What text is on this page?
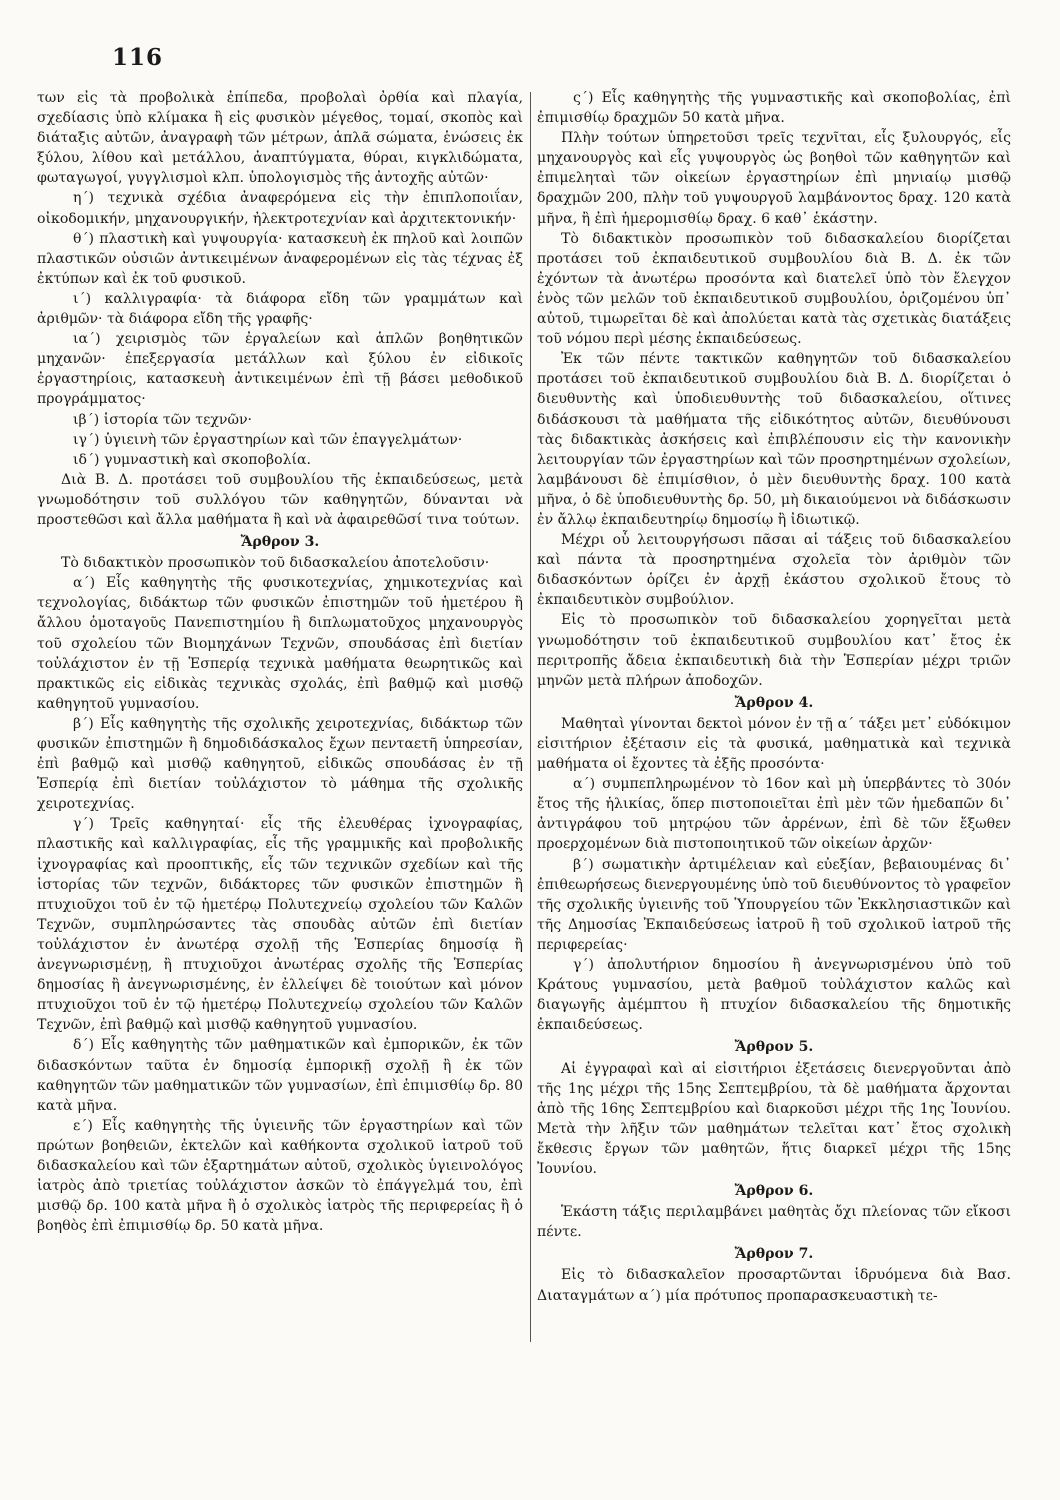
116

των εἰς τὰ προβολικὰ ἐπίπεδα, προβολαὶ ὀρθία καὶ πλαγία, σχεδίασις ὑπὸ κλίμακα ἢ εἰς φυσικὸν μέγεθος, τομαί, σκοπὸς καὶ διάταξις αὐτῶν, ἀναγραφὴ τῶν μέτρων, ἁπλᾶ σώματα, ἑνώσεις ἐκ ξύλου, λίθου καὶ μετάλλου, ἀναπτύγματα, θύραι, κιγκλιδώματα, φωταγωγοί, γυγγλισμοὶ κλπ. ὑπολογισμὸς τῆς ἀντοχῆς αὐτῶν·

η΄) τεχνικὰ σχέδια ἀναφερόμενα εἰς τὴν ἐπιπλοποιΐαν, οἰκοδομικήν, μηχανουργικήν, ἠλεκτροτεχνίαν καὶ ἀρχιτεκτονικήν·

θ΄) πλαστικὴ καὶ γυψουργία· κατασκευὴ ἐκ πηλοῦ καὶ λοιπῶν πλαστικῶν οὐσιῶν ἀντικειμένων ἀναφερομένων εἰς τὰς τέχνας ἐξ ἐκτύπων καὶ ἐκ τοῦ φυσικοῦ.

ι΄) καλλιγραφία· τὰ διάφορα εἴδη τῶν γραμμάτων καὶ ἀριθμῶν· τὰ διάφορα εἴδη τῆς γραφῆς·

ια΄) χειρισμὸς τῶν ἐργαλείων καὶ ἁπλῶν βοηθητικῶν μηχανῶν· ἐπεξεργασία μετάλλων καὶ ξύλου ἐν εἰδικοῖς ἐργαστηρίοις, κατασκευὴ ἀντικειμένων ἐπὶ τῇ βάσει μεθοδικοῦ προγράμματος·

ιβ΄) ἱστορία τῶν τεχνῶν·

ιγ΄) ὑγιεινὴ τῶν ἐργαστηρίων καὶ τῶν ἐπαγγελμάτων·

ιδ΄) γυμναστικὴ καὶ σκοποβολία.

Διὰ Β. Δ. προτάσει τοῦ συμβουλίου τῆς ἐκπαιδεύσεως, μετὰ γνωμοδότησιν τοῦ συλλόγου τῶν καθηγητῶν, δύνανται νὰ προστεθῶσι καὶ ἄλλα μαθήματα ἢ καὶ νὰ ἀφαιρεθῶσί τινα τούτων.

Ἄρθρον 3.

Τὸ διδακτικὸν προσωπικὸν τοῦ διδασκαλείου ἀποτελοῦσιν·

α΄) Εἷς καθηγητὴς τῆς φυσικοτεχνίας, χημικοτεχνίας καὶ τεχνολογίας, διδάκτωρ τῶν φυσικῶν ἐπιστημῶν τοῦ ἡμετέρου ἢ ἄλλου ὁμοταγοῦς Πανεπιστημίου ἢ διπλωματοῦχος μηχανουργὸς τοῦ σχολείου τῶν Βιομηχάνων Τεχνῶν, σπουδάσας ἐπὶ διετίαν τοὐλάχιστον ἐν τῇ Ἑσπερίᾳ τεχνικὰ μαθήματα θεωρητικῶς καὶ πρακτικῶς εἰς εἰδικὰς τεχνικὰς σχολάς, ἐπὶ βαθμῷ καὶ μισθῷ καθηγητοῦ γυμνασίου.

β΄) Εἷς καθηγητὴς τῆς σχολικῆς χειροτεχνίας, διδάκτωρ τῶν φυσικῶν ἐπιστημῶν ἢ δημοδιδάσκαλος ἔχων πενταετῆ ὑπηρεσίαν, ἐπὶ βαθμῷ καὶ μισθῷ καθηγητοῦ, εἰδικῶς σπουδάσας ἐν τῇ Ἑσπερίᾳ ἐπὶ διετίαν τοὐλάχιστον τὸ μάθημα τῆς σχολικῆς χειροτεχνίας.

γ΄) Τρεῖς καθηγηταί· εἷς τῆς ἐλευθέρας ἰχνογραφίας, πλαστικῆς καὶ καλλιγραφίας, εἷς τῆς γραμμικῆς καὶ προβολικῆς ἰχνογραφίας καὶ προοπτικῆς, εἷς τῶν τεχνικῶν σχεδίων καὶ τῆς ἱστορίας τῶν τεχνῶν, διδάκτορες τῶν φυσικῶν ἐπιστημῶν ἢ πτυχιοῦχοι τοῦ ἐν τῷ ἡμετέρῳ Πολυτεχνείῳ σχολείου τῶν Καλῶν Τεχνῶν, συμπληρώσαντες τὰς σπουδὰς αὐτῶν ἐπὶ διετίαν τοὐλάχιστον ἐν ἀνωτέρᾳ σχολῇ τῆς Ἑσπερίας δημοσίᾳ ἢ ἀνεγνωρισμένῃ, ἢ πτυχιοῦχοι ἀνωτέρας σχολῆς τῆς Ἑσπερίας δημοσίας ἢ ἀνεγνωρισμένης, ἐν ἐλλείψει δὲ τοιούτων καὶ μόνον πτυχιοῦχοι τοῦ ἐν τῷ ἡμετέρῳ Πολυτεχνείῳ σχολείου τῶν Καλῶν Τεχνῶν, ἐπὶ βαθμῷ καὶ μισθῷ καθηγητοῦ γυμνασίου.

δ΄) Εἷς καθηγητὴς τῶν μαθηματικῶν καὶ ἐμπορικῶν, ἐκ τῶν διδασκόντων ταῦτα ἐν δημοσίᾳ ἐμπορικῇ σχολῇ ἢ ἐκ τῶν καθηγητῶν τῶν μαθηματικῶν τῶν γυμνασίων, ἐπὶ ἐπιμισθίῳ δρ. 80 κατὰ μῆνα.

ε΄) Εἷς καθηγητὴς τῆς ὑγιεινῆς τῶν ἐργαστηρίων καὶ τῶν πρώτων βοηθειῶν, ἐκτελῶν καὶ καθήκοντα σχολικοῦ ἰατροῦ τοῦ διδασκαλείου καὶ τῶν ἐξαρτημάτων αὐτοῦ, σχολικὸς ὑγιεινολόγος ἰατρὸς ἀπὸ τριετίας τοὐλάχιστον ἀσκῶν τὸ ἐπάγγελμά του, ἐπὶ μισθῷ δρ. 100 κατὰ μῆνα ἢ ὁ σχολικὸς ἰατρὸς τῆς περιφερείας ἢ ὁ βοηθὸς ἐπὶ ἐπιμισθίῳ δρ. 50 κατὰ μῆνα.

ς΄) Εἷς καθηγητὴς τῆς γυμναστικῆς καὶ σκοποβολίας, ἐπὶ ἐπιμισθίῳ δραχμῶν 50 κατὰ μῆνα.

Πλὴν τούτων ὑπηρετοῦσι τρεῖς τεχνῖται, εἷς ξυλουργός, εἷς μηχανουργὸς καὶ εἷς γυψουργὸς ὡς βοηθοὶ τῶν καθηγητῶν καὶ ἐπιμεληταὶ τῶν οἰκείων ἐργαστηρίων ἐπὶ μηνιαίῳ μισθῷ δραχμῶν 200, πλὴν τοῦ γυψουργοῦ λαμβάνοντος δραχ. 120 κατὰ μῆνα, ἢ ἐπὶ ἡμερομισθίῳ δραχ. 6 καθ᾽ ἑκάστην.

Τὸ διδακτικὸν προσωπικὸν τοῦ διδασκαλείου διορίζεται προτάσει τοῦ ἐκπαιδευτικοῦ συμβουλίου διὰ Β. Δ. ἐκ τῶν ἐχόντων τὰ ἀνωτέρω προσόντα καὶ διατελεῖ ὑπὸ τὸν ἔλεγχον ἑνὸς τῶν μελῶν τοῦ ἐκπαιδευτικοῦ συμβουλίου, ὁριζομένου ὑπ᾽ αὐτοῦ, τιμωρεῖται δὲ καὶ ἀπολύεται κατὰ τὰς σχετικὰς διατάξεις τοῦ νόμου περὶ μέσης ἐκπαιδεύσεως.

Ἐκ τῶν πέντε τακτικῶν καθηγητῶν τοῦ διδασκαλείου προτάσει τοῦ ἐκπαιδευτικοῦ συμβουλίου διὰ Β. Δ. διορίζεται ὁ διευθυντὴς καὶ ὑποδιευθυντὴς τοῦ διδασκαλείου, οἵτινες διδάσκουσι τὰ μαθήματα τῆς εἰδικότητος αὐτῶν, διευθύνουσι τὰς διδακτικὰς ἀσκήσεις καὶ ἐπιβλέπουσιν εἰς τὴν κανονικὴν λειτουργίαν τῶν ἐργαστηρίων καὶ τῶν προσηρτημένων σχολείων, λαμβάνουσι δὲ ἐπιμίσθιον, ὁ μὲν διευθυντὴς δραχ. 100 κατὰ μῆνα, ὁ δὲ ὑποδιευθυντὴς δρ. 50, μὴ δικαιούμενοι νὰ διδάσκωσιν ἐν ἄλλῳ ἐκπαιδευτηρίῳ δημοσίῳ ἢ ἰδιωτικῷ.

Μέχρι οὗ λειτουργήσωσι πᾶσαι αἱ τάξεις τοῦ διδασκαλείου καὶ πάντα τὰ προσηρτημένα σχολεῖα τὸν ἀριθμὸν τῶν διδασκόντων ὁρίζει ἐν ἀρχῇ ἑκάστου σχολικοῦ ἔτους τὸ ἐκπαιδευτικὸν συμβούλιον.

Εἰς τὸ προσωπικὸν τοῦ διδασκαλείου χορηγεῖται μετὰ γνωμοδότησιν τοῦ ἐκπαιδευτικοῦ συμβουλίου κατ᾽ ἔτος ἐκ περιτροπῆς ἄδεια ἐκπαιδευτικὴ διὰ τὴν Ἑσπερίαν μέχρι τριῶν μηνῶν μετὰ πλήρων ἀποδοχῶν.

Ἄρθρον 4.

Μαθηταὶ γίνονται δεκτοὶ μόνον ἐν τῇ α΄ τάξει μετ᾽ εὐδόκιμον εἰσιτήριον ἐξέτασιν εἰς τὰ φυσικά, μαθηματικὰ καὶ τεχνικὰ μαθήματα οἱ ἔχοντες τὰ ἐξῆς προσόντα·

α΄) συμπεπληρωμένον τὸ 16ον καὶ μὴ ὑπερβάντες τὸ 30όν ἔτος τῆς ἡλικίας, ὅπερ πιστοποιεῖται ἐπὶ μὲν τῶν ἡμεδαπῶν δι᾽ ἀντιγράφου τοῦ μητρῴου τῶν ἀρρένων, ἐπὶ δὲ τῶν ἔξωθεν προερχομένων διὰ πιστοποιητικοῦ τῶν οἰκείων ἀρχῶν·

β΄) σωματικὴν ἀρτιμέλειαν καὶ εὐεξίαν, βεβαιουμένας δι᾽ ἐπιθεωρήσεως διενεργουμένης ὑπὸ τοῦ διευθύνοντος τὸ γραφεῖον τῆς σχολικῆς ὑγιεινῆς τοῦ Ὑπουργείου τῶν Ἐκκλησιαστικῶν καὶ τῆς Δημοσίας Ἐκπαιδεύσεως ἰατροῦ ἢ τοῦ σχολικοῦ ἰατροῦ τῆς περιφερείας·

γ΄) ἀπολυτήριον δημοσίου ἢ ἀνεγνωρισμένου ὑπὸ τοῦ Κράτους γυμνασίου, μετὰ βαθμοῦ τοὐλάχιστον καλῶς καὶ διαγωγῆς ἀμέμπτου ἢ πτυχίον διδασκαλείου τῆς δημοτικῆς ἐκπαιδεύσεως.

Ἄρθρον 5.

Αἱ ἐγγραφαὶ καὶ αἱ εἰσιτήριοι ἐξετάσεις διενεργοῦνται ἀπὸ τῆς 1ης μέχρι τῆς 15ης Σεπτεμβρίου, τὰ δὲ μαθήματα ἄρχονται ἀπὸ τῆς 16ης Σεπτεμβρίου καὶ διαρκοῦσι μέχρι τῆς 1ης Ἰουνίου. Μετὰ τὴν λῆξιν τῶν μαθημάτων τελεῖται κατ᾽ ἔτος σχολικὴ ἔκθεσις ἔργων τῶν μαθητῶν, ἥτις διαρκεῖ μέχρι τῆς 15ης Ἰουνίου.

Ἄρθρον 6.

Ἑκάστη τάξις περιλαμβάνει μαθητὰς ὄχι πλείονας τῶν εἴκοσι πέντε.

Ἄρθρον 7.

Εἰς τὸ διδασκαλεῖον προσαρτῶνται ἱδρυόμενα διὰ Βασ. Διαταγμάτων α΄) μία πρότυπος προπαρασκευαστικὴ τε-
